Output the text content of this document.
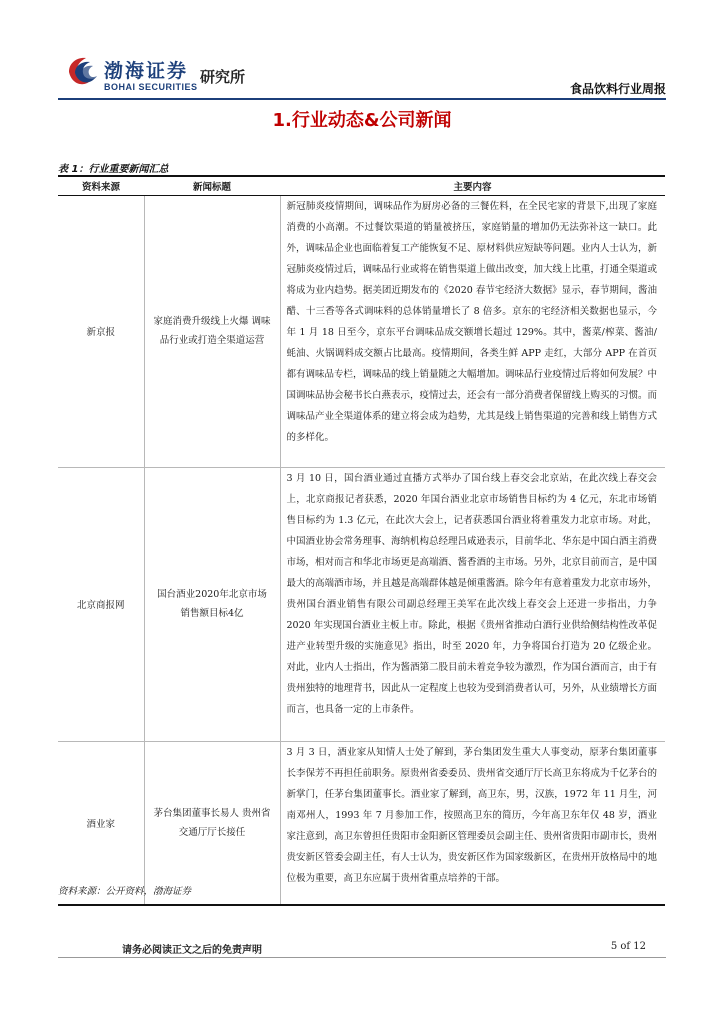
渤海证券
BOHAI SECURITIES
研究所
食品饮料行业周报
1.行业动态&公司新闻
表 1：行业重要新闻汇总
资料来源	新闻标题	主要内容
新京报	家庭消费升级线上火爆 调味品行业或打造全渠道运营	新冠肺炎疫情期间，调味品作为厨房必备的三餐佐料，在全民宅家的背景下,出现了家庭消费的小高潮。不过餐饮渠道的销量被挤压，家庭销量的增加仍无法弥补这一缺口。此外，调味品企业也面临着复工产能恢复不足、原材料供应短缺等问题。业内人士认为，新冠肺炎疫情过后，调味品行业或将在销售渠道上做出改变，加大线上比重，打通全渠道或将成为业内趋势。据美团近期发布的《2020 春节宅经济大数据》显示，春节期间，酱油醋、十三香等各式调味料的总体销量增长了 8 倍多。京东的宅经济相关数据也显示，今年 1 月 18 日至今，京东平台调味品成交额增长超过 129%。其中，酱菜/榨菜、酱油/蚝油、火锅调料成交额占比最高。疫情期间，各类生鲜 APP 走红，大部分 APP 在首页都有调味品专栏，调味品的线上销量随之大幅增加。调味品行业疫情过后将如何发展？中国调味品协会秘书长白燕表示，疫情过去，还会有一部分消费者保留线上购买的习惯。而调味品产业全渠道体系的建立将会成为趋势，尤其是线上销售渠道的完善和线上销售方式的多样化。
北京商报网	国台酒业2020年北京市场销售额目标4亿	3 月 10 日，国台酒业通过直播方式举办了国台线上春交会北京站，在此次线上春交会上，北京商报记者获悉，2020 年国台酒业北京市场销售目标约为 4 亿元，东北市场销售目标约为 1.3 亿元，在此次大会上，记者获悉国台酒业将着重发力北京市场。对此，中国酒业协会常务理事、海纳机构总经理吕咸逊表示，目前华北、华东是中国白酒主消费市场，相对而言和华北市场更是高端酒、酱香酒的主市场。另外，北京目前而言，是中国最大的高端酒市场，并且越是高端群体越是倾重酱酒。除今年有意着重发力北京市场外，贵州国台酒业销售有限公司副总经理王美军在此次线上春交会上还进一步指出，力争 2020 年实现国台酒业主板上市。除此，根据《贵州省推动白酒行业供给侧结构性改革促进产业转型升级的实施意见》指出，时至 2020 年，力争将国台打造为 20 亿级企业。对此，业内人士指出，作为酱酒第二股目前未着竞争较为激烈，作为国台酒而言，由于有贵州独特的地理背书，因此从一定程度上也较为受到消费者认可，另外，从业绩增长方面而言，也具备一定的上市条件。
酒业家	茅台集团董事长易人 贵州省交通厅厅长接任	3 月 3 日，酒业家从知情人士处了解到，茅台集团发生重大人事变动，原茅台集团董事长李保芳不再担任前职务。原贵州省委委员、贵州省交通厅厅长高卫东将成为千亿茅台的新掌门，任茅台集团董事长。酒业家了解到，高卫东，男，汉族，1972 年 11 月生，河南邓州人，1993 年 7 月参加工作，按照高卫东的简历，今年高卫东年仅 48 岁，酒业家注意到，高卫东曾担任贵阳市金阳新区管理委员会副主任、贵州省贵阳市副市长，贵州贵安新区管委会副主任，有人士认为，贵安新区作为国家级新区，在贵州开放格局中的地位极为重要，高卫东应属于贵州省重点培养的干部。
资料来源：公开资料，渤海证券
请务必阅读正文之后的免责声明	5 of 12
